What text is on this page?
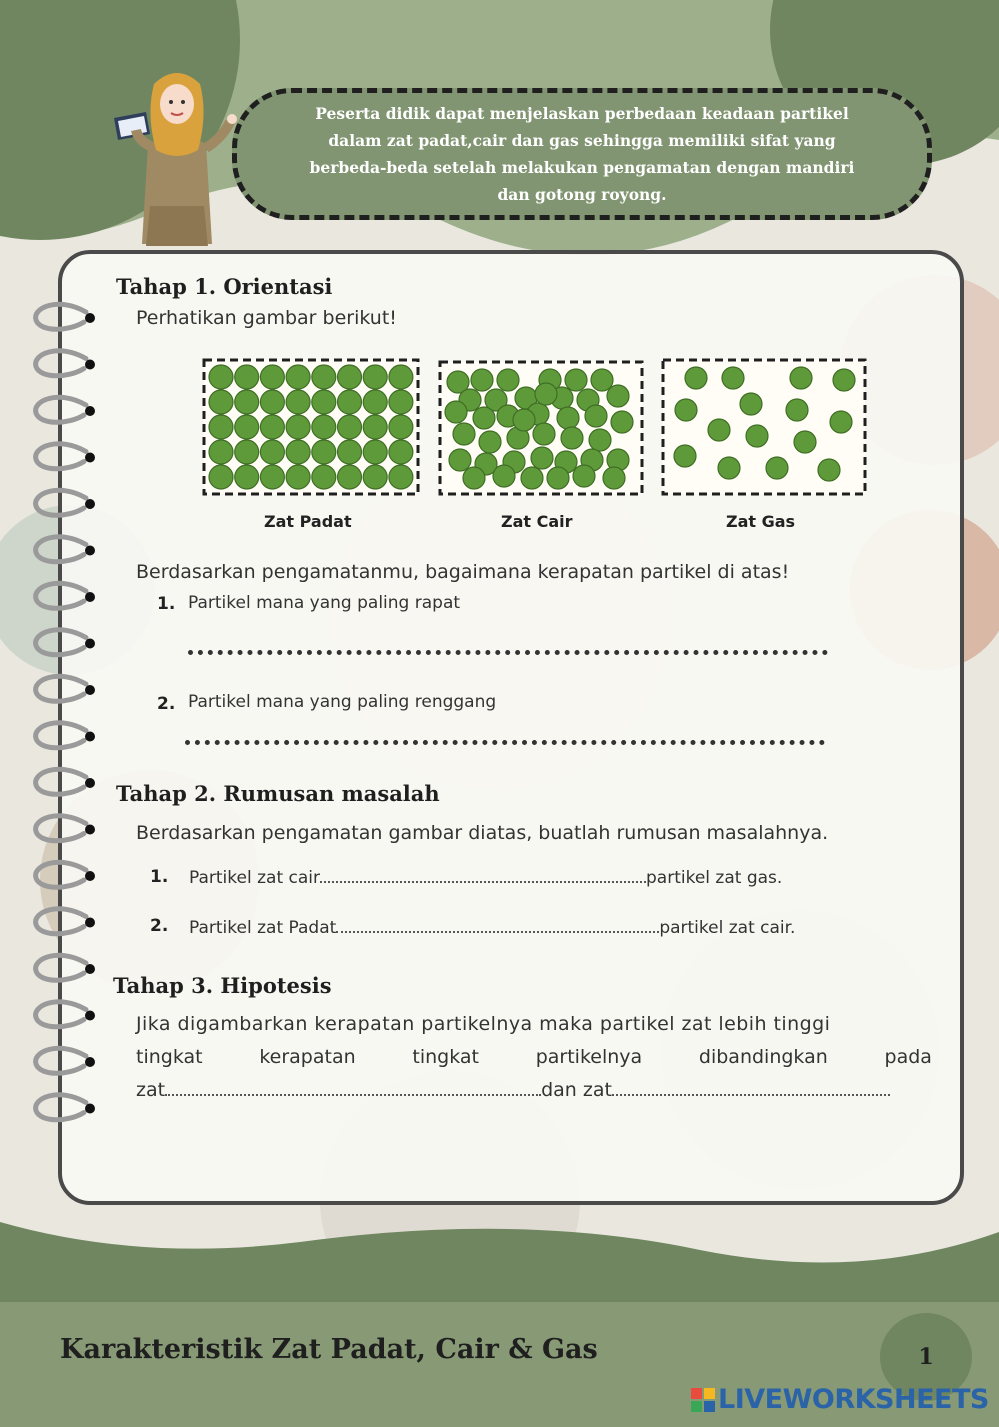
Peserta didik dapat menjelaskan perbedaan keadaan partikel
dalam zat padat,cair dan gas sehingga memiliki sifat yang
berbeda-beda setelah melakukan pengamatan dengan mandiri
dan gotong royong.
Tahap 1. Orientasi
Perhatikan gambar berikut!
Zat Padat	Zat Cair	Zat Gas
Berdasarkan pengamatanmu, bagaimana kerapatan partikel di atas!
1. Partikel mana yang paling rapat
2. Partikel mana yang paling renggang
Tahap 2. Rumusan masalah
Berdasarkan pengamatan gambar diatas, buatlah rumusan masalahnya.
1. Partikel zat cair	partikel zat gas.
2. Partikel zat Padat	partikel zat cair.
Tahap 3. Hipotesis
Jika digambarkan kerapatan partikelnya maka partikel zat lebih tinggi
tingkat	kerapatan	tingkat	partikelnya	dibandingkan	pada
zat	dan zat
Karakteristik Zat Padat, Cair & Gas	1
LIVEWORKSHEETS
